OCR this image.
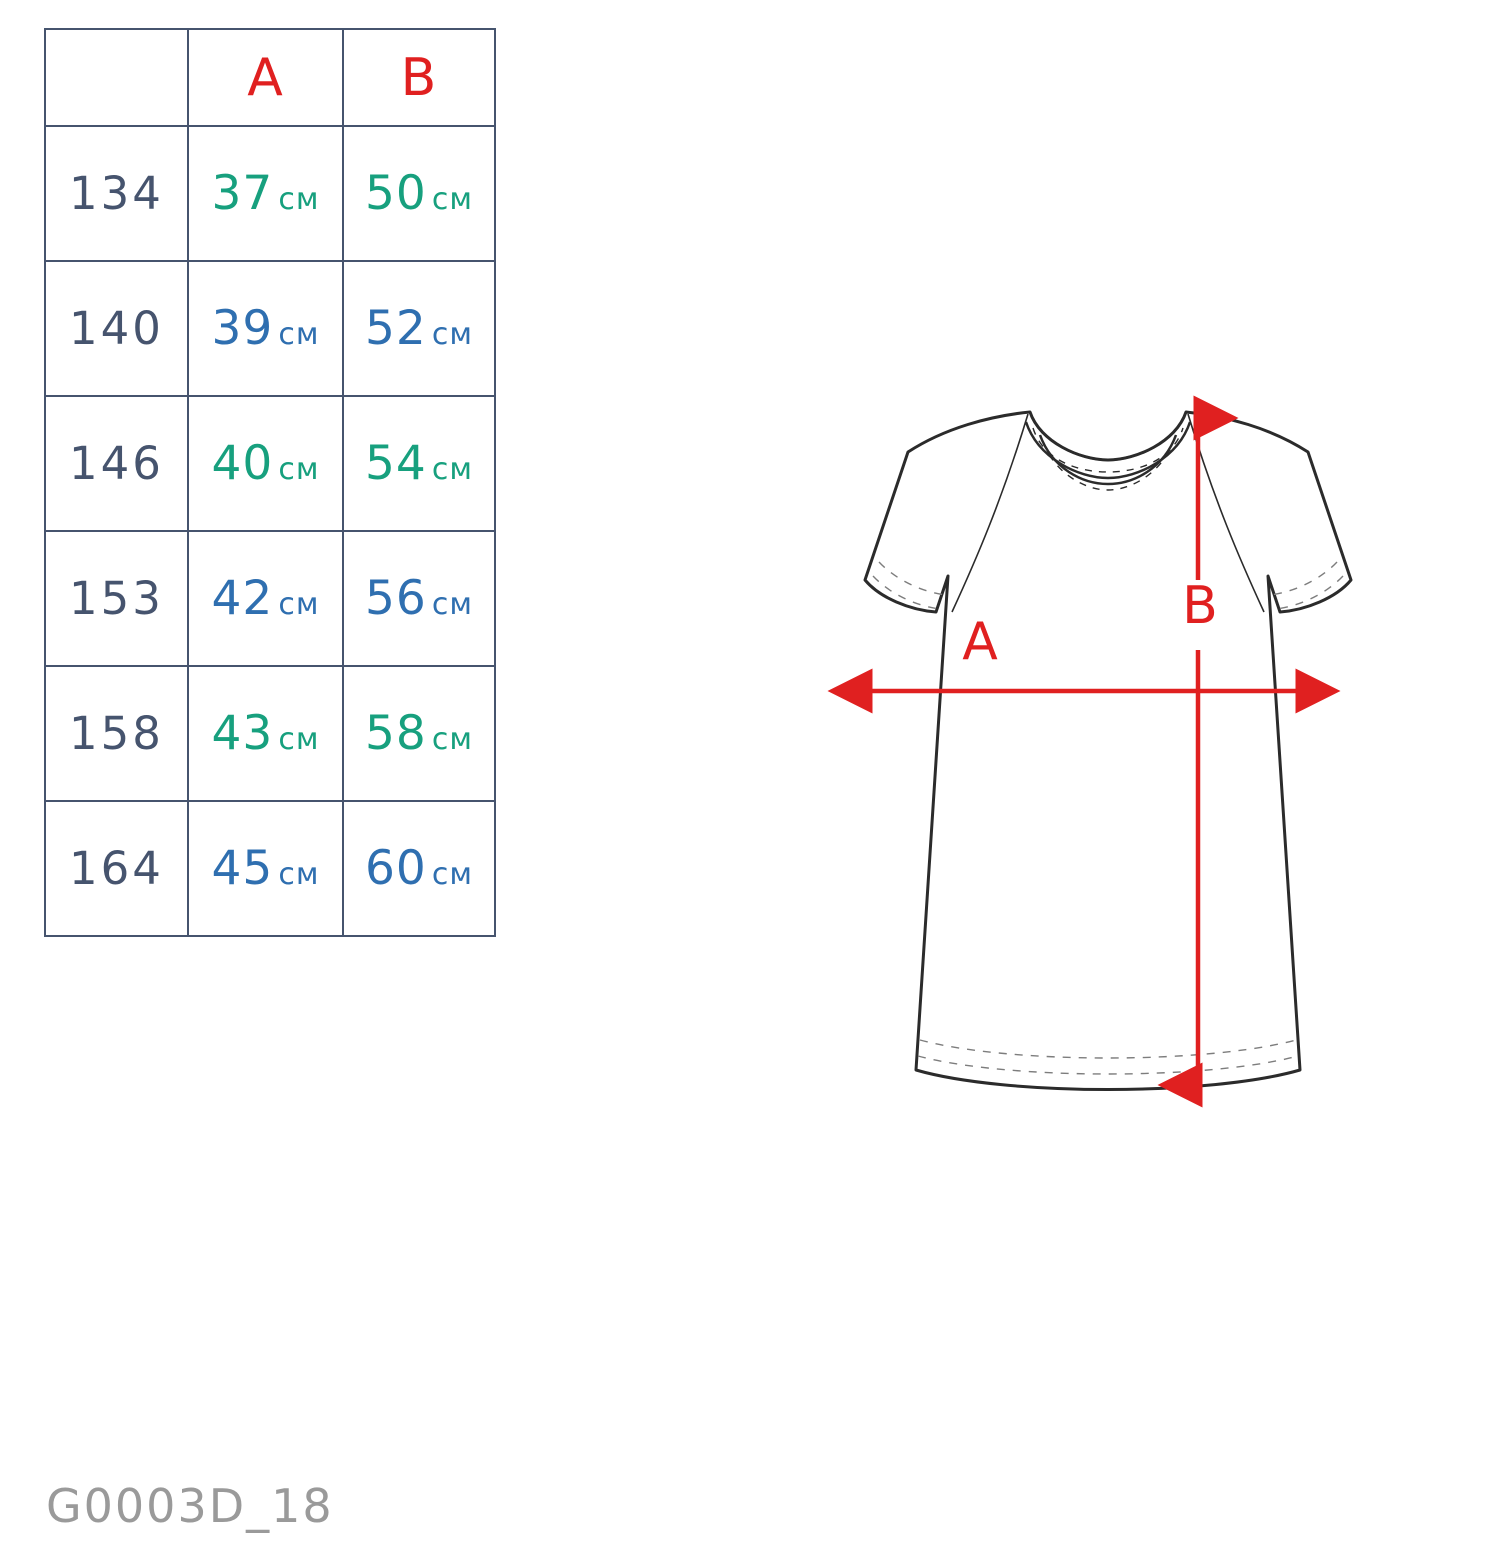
	A	B
134	37 см	50 см
140	39 см	52 см
146	40 см	54 см
153	42 см	56 см
158	43 см	58 см
164	45 см	60 см
A
B
G0003D_18
